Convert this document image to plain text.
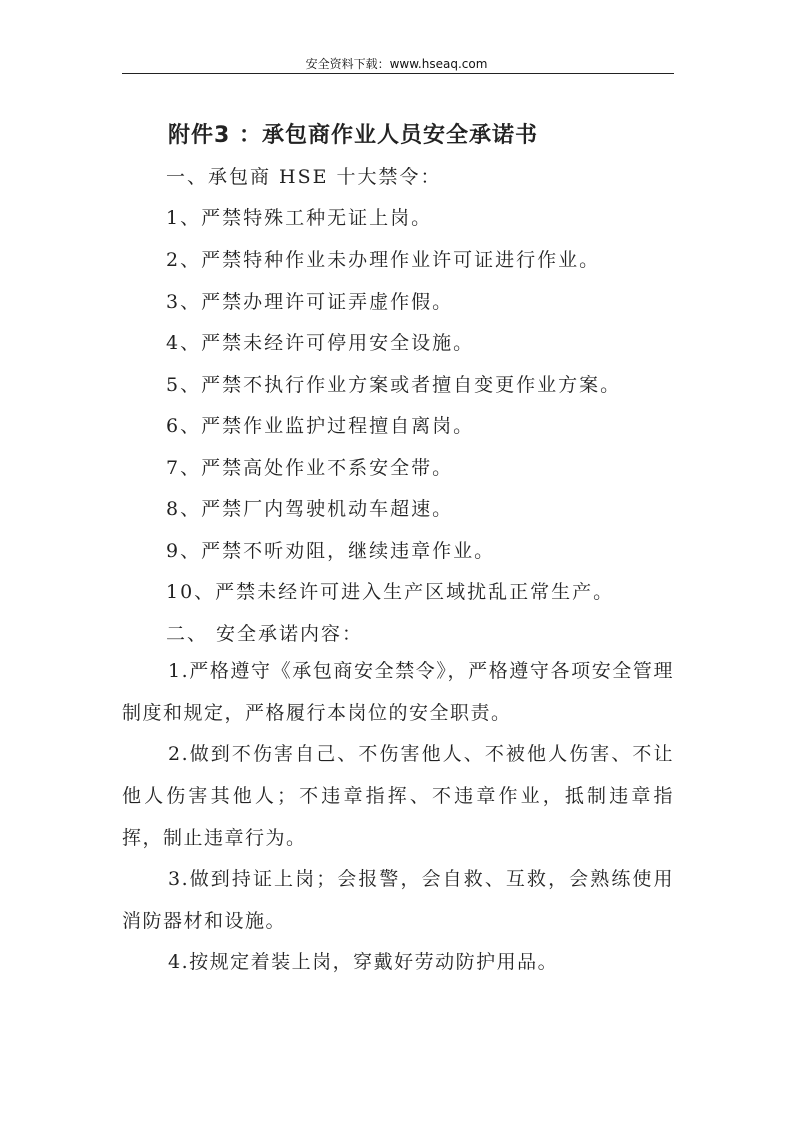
安全资料下载：www.hseaq.com
附件3 ：承包商作业人员安全承诺书
一、承包商 HSE 十大禁令：
1、严禁特殊工种无证上岗。
2、严禁特种作业未办理作业许可证进行作业。
3、严禁办理许可证弄虚作假。
4、严禁未经许可停用安全设施。
5、严禁不执行作业方案或者擅自变更作业方案。
6、严禁作业监护过程擅自离岗。
7、严禁高处作业不系安全带。
8、严禁厂内驾驶机动车超速。
9、严禁不听劝阻，继续违章作业。
10、严禁未经许可进入生产区域扰乱正常生产。
二、 安全承诺内容：
1.严格遵守《承包商安全禁令》，严格遵守各项安全管理制度和规定，严格履行本岗位的安全职责。
2.做到不伤害自己、不伤害他人、不被他人伤害、不让他人伤害其他人；不违章指挥、不违章作业，抵制违章指挥，制止违章行为。
3.做到持证上岗；会报警，会自救、互救，会熟练使用消防器材和设施。
4.按规定着装上岗，穿戴好劳动防护用品。
